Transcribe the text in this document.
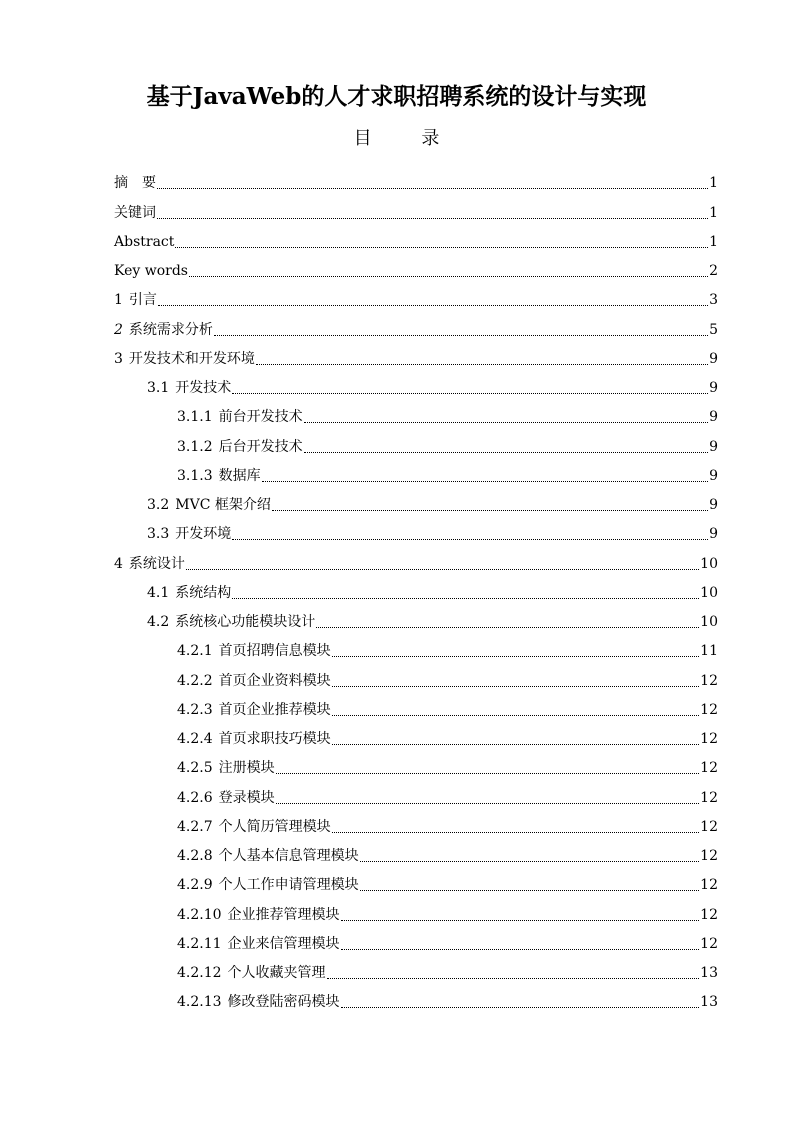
基于JavaWeb的人才求职招聘系统的设计与实现
目 录
摘　要	1
关键词	1
Abstract	1
Key words	2
1 引言	3
2 系统需求分析	5
3 开发技术和开发环境	9
3.1 开发技术	9
3.1.1 前台开发技术	9
3.1.2 后台开发技术	9
3.1.3 数据库	9
3.2 MVC 框架介绍	9
3.3 开发环境	9
4 系统设计	10
4.1 系统结构	10
4.2 系统核心功能模块设计	10
4.2.1 首页招聘信息模块	11
4.2.2 首页企业资料模块	12
4.2.3 首页企业推荐模块	12
4.2.4 首页求职技巧模块	12
4.2.5 注册模块	12
4.2.6 登录模块	12
4.2.7 个人简历管理模块	12
4.2.8 个人基本信息管理模块	12
4.2.9 个人工作申请管理模块	12
4.2.10 企业推荐管理模块	12
4.2.11 企业来信管理模块	12
4.2.12 个人收藏夹管理	13
4.2.13 修改登陆密码模块	13
